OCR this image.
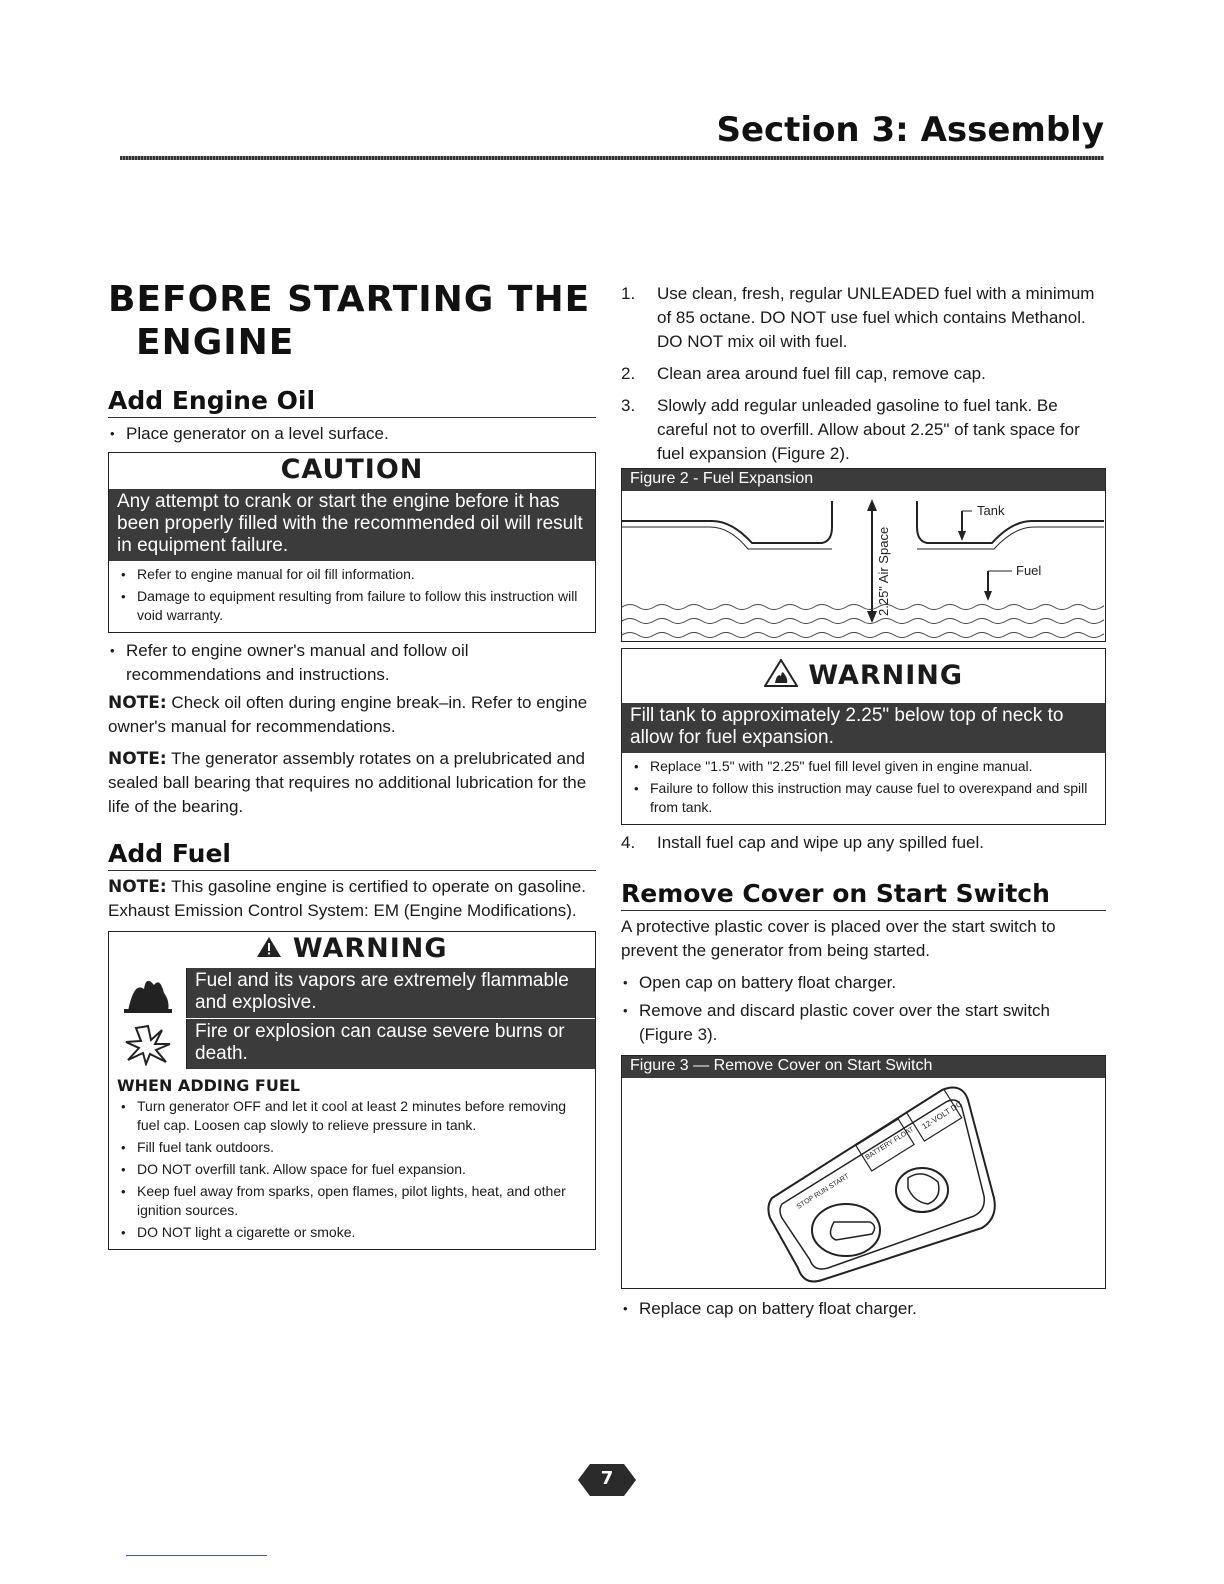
Section 3: Assembly
BEFORE STARTING THE
ENGINE
Add Engine Oil
• Place generator on a level surface.
CAUTION
Any attempt to crank or start the engine before it has been properly filled with the recommended oil will result in equipment failure.
• Refer to engine manual for oil fill information.
• Damage to equipment resulting from failure to follow this instruction will void warranty.
• Refer to engine owner's manual and follow oil recommendations and instructions.
NOTE: Check oil often during engine break–in. Refer to engine owner's manual for recommendations.
NOTE: The generator assembly rotates on a prelubricated and sealed ball bearing that requires no additional lubrication for the life of the bearing.
Add Fuel
NOTE: This gasoline engine is certified to operate on gasoline. Exhaust Emission Control System: EM (Engine Modifications).
WARNING
Fuel and its vapors are extremely flammable and explosive.
Fire or explosion can cause severe burns or death.
WHEN ADDING FUEL
• Turn generator OFF and let it cool at least 2 minutes before removing fuel cap. Loosen cap slowly to relieve pressure in tank.
• Fill fuel tank outdoors.
• DO NOT overfill tank. Allow space for fuel expansion.
• Keep fuel away from sparks, open flames, pilot lights, heat, and other ignition sources.
• DO NOT light a cigarette or smoke.
1. Use clean, fresh, regular UNLEADED fuel with a minimum of 85 octane. DO NOT use fuel which contains Methanol. DO NOT mix oil with fuel.
2. Clean area around fuel fill cap, remove cap.
3. Slowly add regular unleaded gasoline to fuel tank. Be careful not to overfill. Allow about 2.25" of tank space for fuel expansion (Figure 2).
Figure 2 - Fuel Expansion
2.25" Air Space
Tank
Fuel
WARNING
Fill tank to approximately 2.25" below top of neck to allow for fuel expansion.
• Replace "1.5" with "2.25" fuel fill level given in engine manual.
• Failure to follow this instruction may cause fuel to overexpand and spill from tank.
4. Install fuel cap and wipe up any spilled fuel.
Remove Cover on Start Switch
A protective plastic cover is placed over the start switch to prevent the generator from being started.
• Open cap on battery float charger.
• Remove and discard plastic cover over the start switch (Figure 3).
Figure 3 — Remove Cover on Start Switch
12-VOLT DC
BATTERY FLOAT
STOP RUN START
• Replace cap on battery float charger.
7
